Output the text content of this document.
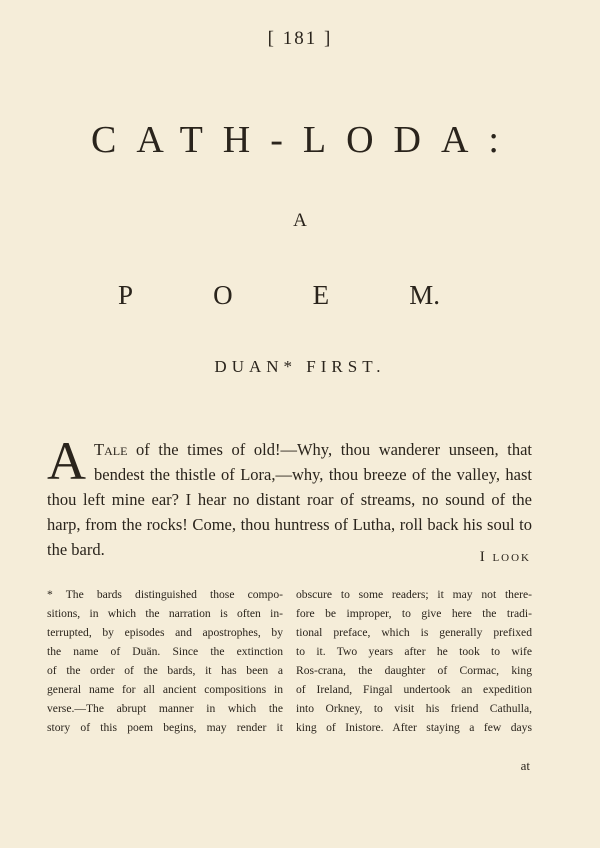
[ 181 ]
CATH-LODA:
A
P	O	E	M.
DUAN* FIRST.
A Tale of the times of old!—Why, thou wanderer unseen, that bendest the thistle of Lora,—why, thou breeze of the valley, hast thou left mine ear? I hear no distant roar of streams, no sound of the harp, from the rocks! Come, thou huntress of Lutha, roll back his soul to the bard.	I look
* The bards distinguished those compo-
sitions, in which the narration is often in-
terrupted, by episodes and apostrophes, by
the name of Duän. Since the extinction
of the order of the bards, it has been a
general name for all ancient compositions in
verse.—The abrupt manner in which the
story of this poem begins, may render it
obscure to some readers; it may not there-
fore be improper, to give here the tradi-
tional preface, which is generally prefixed
to it. Two years after he took to wife
Ros-crana, the daughter of Cormac, king
of Ireland, Fingal undertook an expedition
into Orkney, to visit his friend Cathulla,
king of Inistore. After staying a few days
at
